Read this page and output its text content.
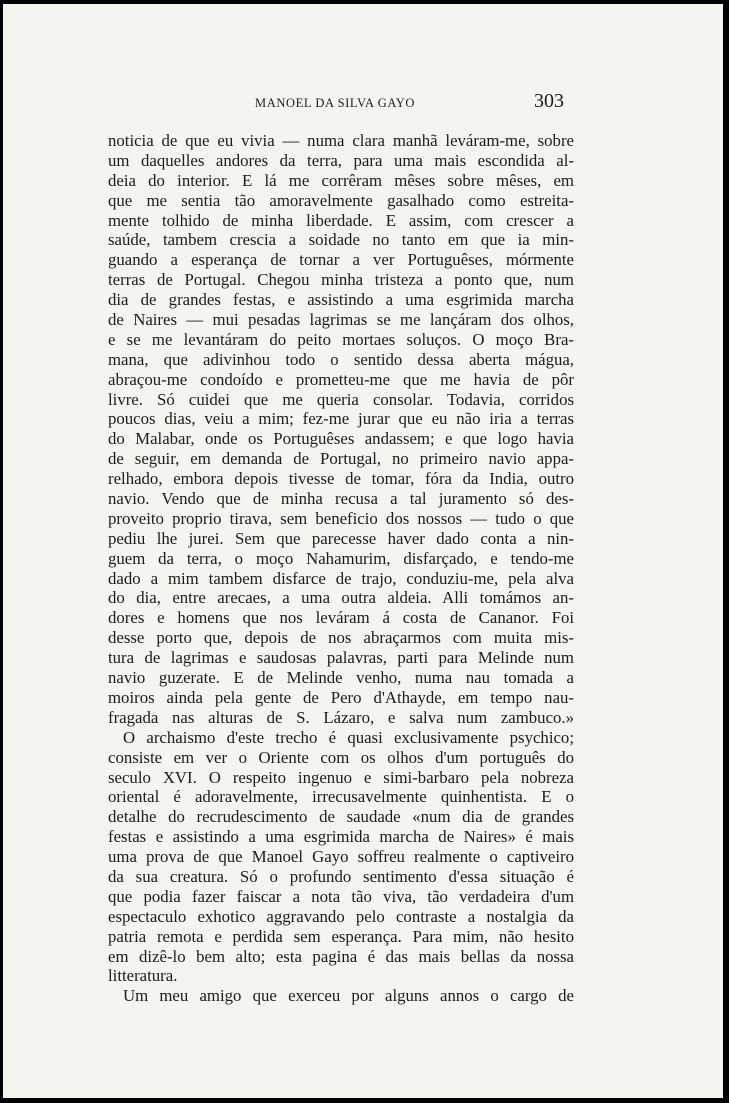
MANOEL DA SILVA GAYO	303
noticia de que eu vivia — numa clara manhã leváram-me, sobre
um daquelles andores da terra, para uma mais escondida al-
deia do interior. E lá me corrêram mêses sobre mêses, em
que me sentia tão amoravelmente gasalhado como estreita-
mente tolhido de minha liberdade. E assim, com crescer a
saúde, tambem crescia a soidade no tanto em que ia min-
guando a esperança de tornar a ver Portuguêses, mórmente
terras de Portugal. Chegou minha tristeza a ponto que, num
dia de grandes festas, e assistindo a uma esgrimida marcha
de Naires — mui pesadas lagrimas se me lançáram dos olhos,
e se me levantáram do peito mortaes soluços. O moço Bra-
mana, que adivinhou todo o sentido dessa aberta mágua,
abraçou-me condoído e prometteu-me que me havia de pôr
livre. Só cuidei que me queria consolar. Todavia, corridos
poucos dias, veiu a mim; fez-me jurar que eu não iria a terras
do Malabar, onde os Portuguêses andassem; e que logo havia
de seguir, em demanda de Portugal, no primeiro navio appa-
relhado, embora depois tivesse de tomar, fóra da India, outro
navio. Vendo que de minha recusa a tal juramento só des-
proveito proprio tirava, sem beneficio dos nossos — tudo o que
pediu lhe jurei. Sem que parecesse haver dado conta a nin-
guem da terra, o moço Nahamurim, disfarçado, e tendo-me
dado a mim tambem disfarce de trajo, conduziu-me, pela alva
do dia, entre arecaes, a uma outra aldeia. Alli tomámos an-
dores e homens que nos leváram á costa de Cananor. Foi
desse porto que, depois de nos abraçarmos com muita mis-
tura de lagrimas e saudosas palavras, parti para Melinde num
navio guzerate. E de Melinde venho, numa nau tomada a
moiros ainda pela gente de Pero d'Athayde, em tempo nau-
fragada nas alturas de S. Lázaro, e salva num zambuco.»
O archaismo d'este trecho é quasi exclusivamente psychico;
consiste em ver o Oriente com os olhos d'um português do
seculo XVI. O respeito ingenuo e simi-barbaro pela nobreza
oriental é adoravelmente, irrecusavelmente quinhentista. E o
detalhe do recrudescimento de saudade «num dia de grandes
festas e assistindo a uma esgrimida marcha de Naires» é mais
uma prova de que Manoel Gayo soffreu realmente o captiveiro
da sua creatura. Só o profundo sentimento d'essa situação é
que podia fazer faiscar a nota tão viva, tão verdadeira d'um
espectaculo exhotico aggravando pelo contraste a nostalgia da
patria remota e perdida sem esperança. Para mim, não hesito
em dizê-lo bem alto; esta pagina é das mais bellas da nossa
litteratura.
Um meu amigo que exerceu por alguns annos o cargo de
